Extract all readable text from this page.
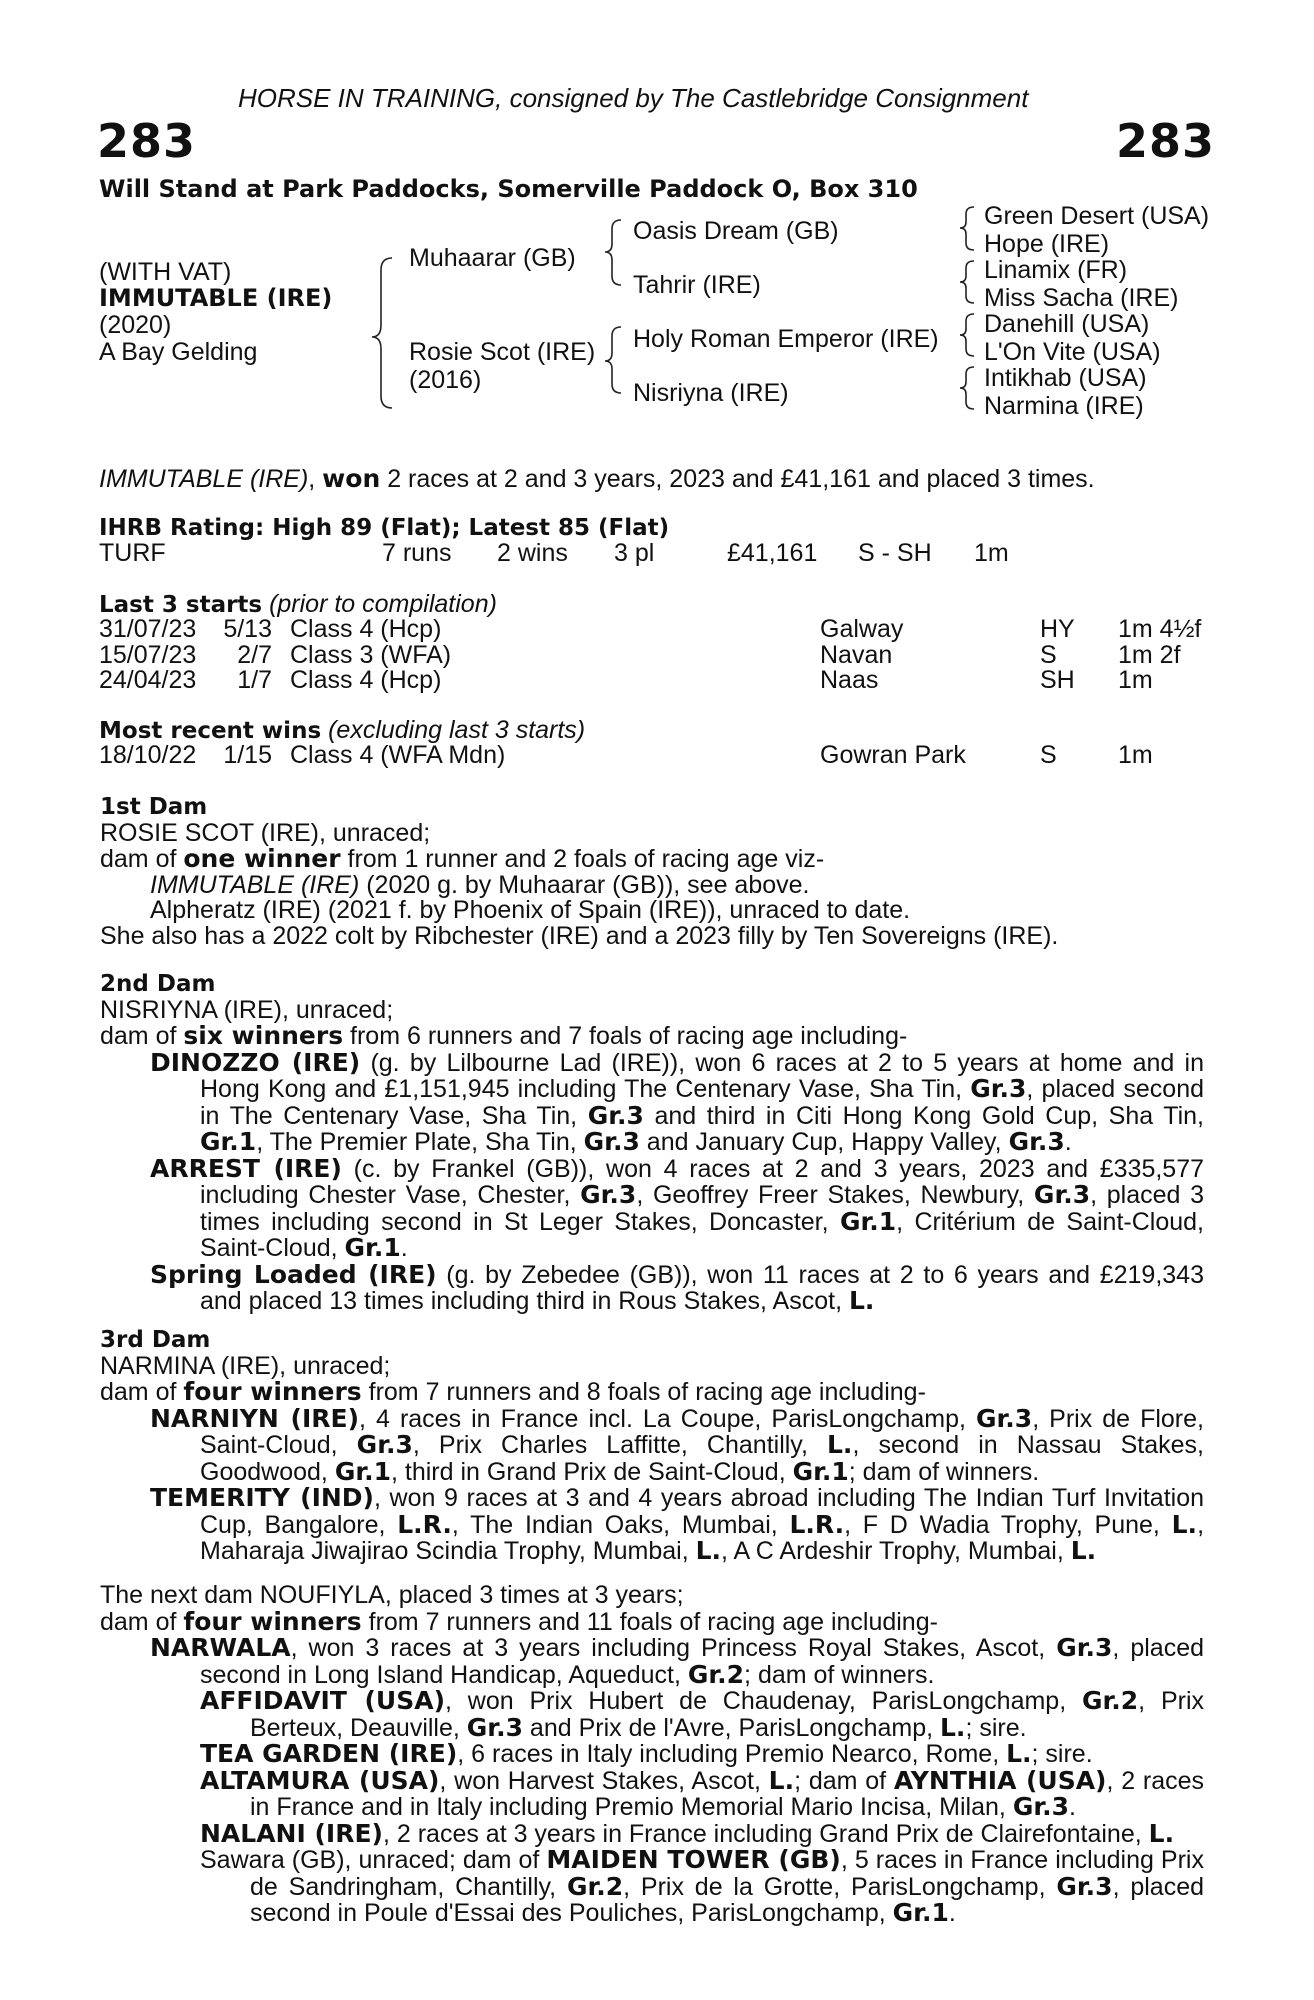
HORSE IN TRAINING, consigned by The Castlebridge Consignment
283	283
Will Stand at Park Paddocks, Somerville Paddock O, Box 310
(WITH VAT)
IMMUTABLE (IRE)
(2020)
A Bay Gelding
Muhaarar (GB)
Rosie Scot (IRE)
(2016)
Oasis Dream (GB)
Tahrir (IRE)
Holy Roman Emperor (IRE)
Nisriyna (IRE)
Green Desert (USA)
Hope (IRE)
Linamix (FR)
Miss Sacha (IRE)
Danehill (USA)
L'On Vite (USA)
Intikhab (USA)
Narmina (IRE)
IMMUTABLE (IRE), won 2 races at 2 and 3 years, 2023 and £41,161 and placed 3 times.
IHRB Rating: High 89 (Flat); Latest 85 (Flat)
TURF	7 runs 2 wins 3 pl	£41,161 S - SH 1m
Last 3 starts (prior to compilation)
31/07/23 5/13 Class 4 (Hcp)	Galway	HY 1m 4½f
15/07/23 2/7 Class 3 (WFA)	Navan	S 1m 2f
24/04/23 1/7 Class 4 (Hcp)	Naas	SH 1m
Most recent wins (excluding last 3 starts)
18/10/22 1/15 Class 4 (WFA Mdn)	Gowran Park	S 1m
1st Dam
ROSIE SCOT (IRE), unraced;
dam of one winner from 1 runner and 2 foals of racing age viz-
IMMUTABLE (IRE) (2020 g. by Muhaarar (GB)), see above.
Alpheratz (IRE) (2021 f. by Phoenix of Spain (IRE)), unraced to date.
She also has a 2022 colt by Ribchester (IRE) and a 2023 filly by Ten Sovereigns (IRE).
2nd Dam
NISRIYNA (IRE), unraced;
dam of six winners from 6 runners and 7 foals of racing age including-

DINOZZO (IRE) (g. by Lilbourne Lad (IRE)), won 6 races at 2 to 5 years at home and in Hong Kong and £1,151,945 including The Centenary Vase, Sha Tin, Gr.3, placed second in The Centenary Vase, Sha Tin, Gr.3 and third in Citi Hong Kong Gold Cup, Sha Tin, Gr.1, The Premier Plate, Sha Tin, Gr.3 and January Cup, Happy Valley, Gr.3.

ARREST (IRE) (c. by Frankel (GB)), won 4 races at 2 and 3 years, 2023 and £335,577 including Chester Vase, Chester, Gr.3, Geoffrey Freer Stakes, Newbury, Gr.3, placed 3 times including second in St Leger Stakes, Doncaster, Gr.1, Critérium de Saint-Cloud, Saint-Cloud, Gr.1.

Spring Loaded (IRE) (g. by Zebedee (GB)), won 11 races at 2 to 6 years and £219,343 and placed 13 times including third in Rous Stakes, Ascot, L.

3rd Dam
NARMINA (IRE), unraced;
dam of four winners from 7 runners and 8 foals of racing age including-

NARNIYN (IRE), 4 races in France incl. La Coupe, ParisLongchamp, Gr.3, Prix de Flore, Saint-Cloud, Gr.3, Prix Charles Laffitte, Chantilly, L., second in Nassau Stakes, Goodwood, Gr.1, third in Grand Prix de Saint-Cloud, Gr.1; dam of winners.

TEMERITY (IND), won 9 races at 3 and 4 years abroad including The Indian Turf Invitation Cup, Bangalore, L.R., The Indian Oaks, Mumbai, L.R., F D Wadia Trophy, Pune, L., Maharaja Jiwajirao Scindia Trophy, Mumbai, L., A C Ardeshir Trophy, Mumbai, L.

The next dam NOUFIYLA, placed 3 times at 3 years;
dam of four winners from 7 runners and 11 foals of racing age including-

NARWALA, won 3 races at 3 years including Princess Royal Stakes, Ascot, Gr.3, placed second in Long Island Handicap, Aqueduct, Gr.2; dam of winners.

AFFIDAVIT (USA), won Prix Hubert de Chaudenay, ParisLongchamp, Gr.2, Prix Berteux, Deauville, Gr.3 and Prix de l'Avre, ParisLongchamp, L.; sire.

TEA GARDEN (IRE), 6 races in Italy including Premio Nearco, Rome, L.; sire.

ALTAMURA (USA), won Harvest Stakes, Ascot, L.; dam of AYNTHIA (USA), 2 races in France and in Italy including Premio Memorial Mario Incisa, Milan, Gr.3.

NALANI (IRE), 2 races at 3 years in France including Grand Prix de Clairefontaine, L.

Sawara (GB), unraced; dam of MAIDEN TOWER (GB), 5 races in France including Prix de Sandringham, Chantilly, Gr.2, Prix de la Grotte, ParisLongchamp, Gr.3, placed second in Poule d'Essai des Pouliches, ParisLongchamp, Gr.1.
